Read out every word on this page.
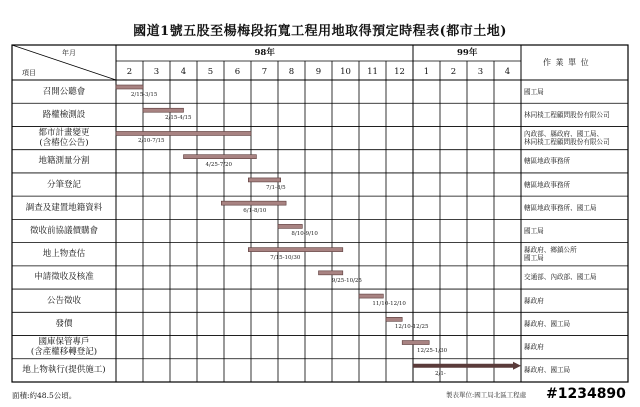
國道1號五股至楊梅段拓寬工程用地取得預定時程表(都市土地)
年月
項目
98年	99年
作 業 單 位
2	3	4	5	6	7	8	9	10	11	12	1	2	3	4
召開公聽會	國工局
2/15-3/15
路權檢測設	林同棪工程顧問股份有限公司
2/15-4/15
都市計畫變更
(含樁位公告)
內政部、縣政府、國工局、
林同棪工程顧問股份有限公司
2/10-7/15
地籍測量分割	轄區地政事務所
4/25-7/20
分筆登記	轄區地政事務所
7/1-8/5
調查及建置地籍資料	轄區地政事務所、國工局
6/1-8/10
徵收前協議價購會	國工局
8/10-9/10
地上物查估	縣政府、鄉鎮公所
國工局
7/15-10/30
申請徵收及核准	交通部、內政部、國工局
9/25-10/25
公告徵收	縣政府
11/10-12/10
發價	縣政府、國工局
12/10-12/25
國庫保管專戶
(含產權移轉登記)	縣政府
12/25-1/30
地上物執行(提供施工)	縣政府、國工局
2/1-
面積:約48.5公頃。	製表單位:國工局北區工程處 #1234890
